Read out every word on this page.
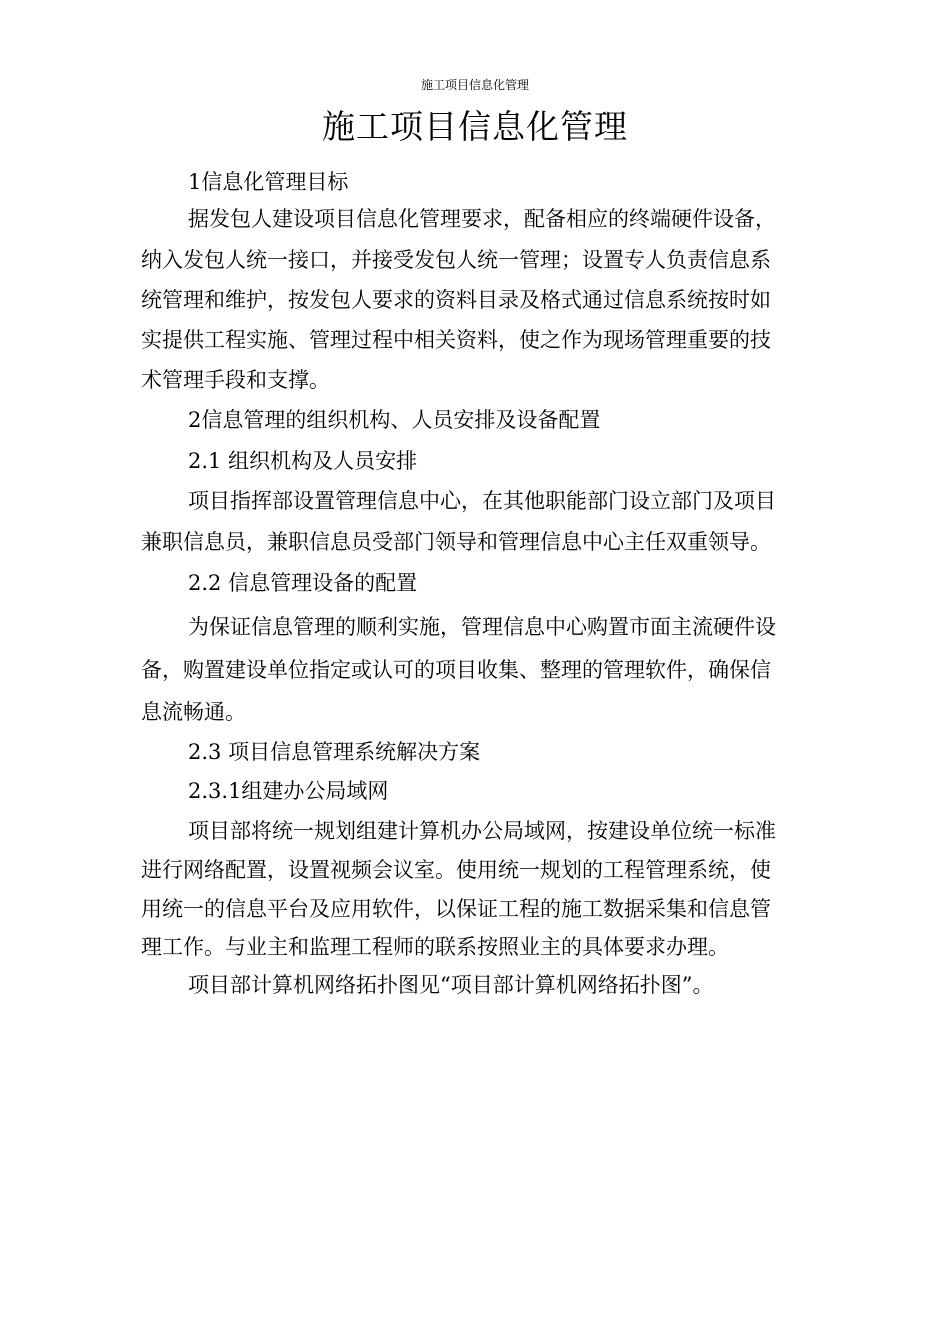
施工项目信息化管理
施工项目信息化管理
1信息化管理目标
据发包人建设项目信息化管理要求，配备相应的终端硬件设备，
纳入发包人统一接口，并接受发包人统一管理；设置专人负责信息系
统管理和维护，按发包人要求的资料目录及格式通过信息系统按时如
实提供工程实施、管理过程中相关资料，使之作为现场管理重要的技
术管理手段和支撑。
2信息管理的组织机构、人员安排及设备配置
2.1 组织机构及人员安排
项目指挥部设置管理信息中心，在其他职能部门设立部门及项目
兼职信息员，兼职信息员受部门领导和管理信息中心主任双重领导。
2.2 信息管理设备的配置
为保证信息管理的顺利实施，管理信息中心购置市面主流硬件设
备，购置建设单位指定或认可的项目收集、整理的管理软件，确保信
息流畅通。
2.3 项目信息管理系统解决方案
2.3.1组建办公局域网
项目部将统一规划组建计算机办公局域网，按建设单位统一标准
进行网络配置，设置视频会议室。使用统一规划的工程管理系统，使
用统一的信息平台及应用软件，以保证工程的施工数据采集和信息管
理工作。与业主和监理工程师的联系按照业主的具体要求办理。
项目部计算机网络拓扑图见“项目部计算机网络拓扑图”。
